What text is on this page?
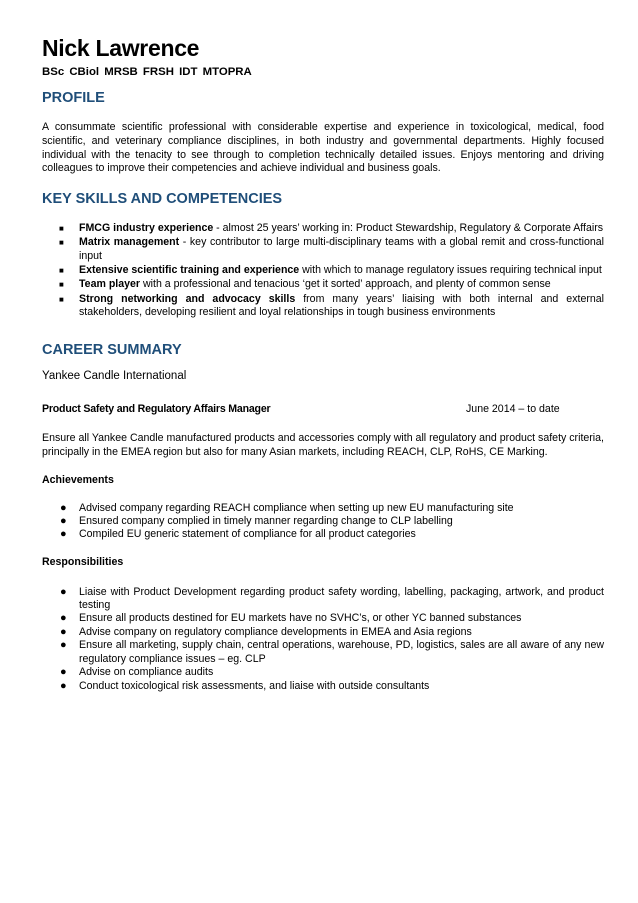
Nick Lawrence
BSc CBiol MRSB FRSH IDT MTOPRA
PROFILE
A consummate scientific professional with considerable expertise and experience in toxicological, medical, food scientific, and veterinary compliance disciplines, in both industry and governmental departments. Highly focused individual with the tenacity to see through to completion technically detailed issues. Enjoys mentoring and driving colleagues to improve their competencies and achieve individual and business goals.
KEY SKILLS AND COMPETENCIES
■ FMCG industry experience - almost 25 years’ working in: Product Stewardship, Regulatory & Corporate Affairs
■ Matrix management - key contributor to large multi-disciplinary teams with a global remit and cross-functional input
■ Extensive scientific training and experience with which to manage regulatory issues requiring technical input
■ Team player with a professional and tenacious ‘get it sorted’ approach, and plenty of common sense
■ Strong networking and advocacy skills from many years’ liaising with both internal and external stakeholders, developing resilient and loyal relationships in tough business environments
CAREER SUMMARY
Yankee Candle International
Product Safety and Regulatory Affairs Manager	June 2014 – to date
Ensure all Yankee Candle manufactured products and accessories comply with all regulatory and product safety criteria, principally in the EMEA region but also for many Asian markets, including REACH, CLP, RoHS, CE Marking.
Achievements
● Advised company regarding REACH compliance when setting up new EU manufacturing site
● Ensured company complied in timely manner regarding change to CLP labelling
● Compiled EU generic statement of compliance for all product categories
Responsibilities
● Liaise with Product Development regarding product safety wording, labelling, packaging, artwork, and product testing
● Ensure all products destined for EU markets have no SVHC’s, or other YC banned substances
● Advise company on regulatory compliance developments in EMEA and Asia regions
● Ensure all marketing, supply chain, central operations, warehouse, PD, logistics, sales are all aware of any new regulatory compliance issues – eg. CLP
● Advise on compliance audits
● Conduct toxicological risk assessments, and liaise with outside consultants
